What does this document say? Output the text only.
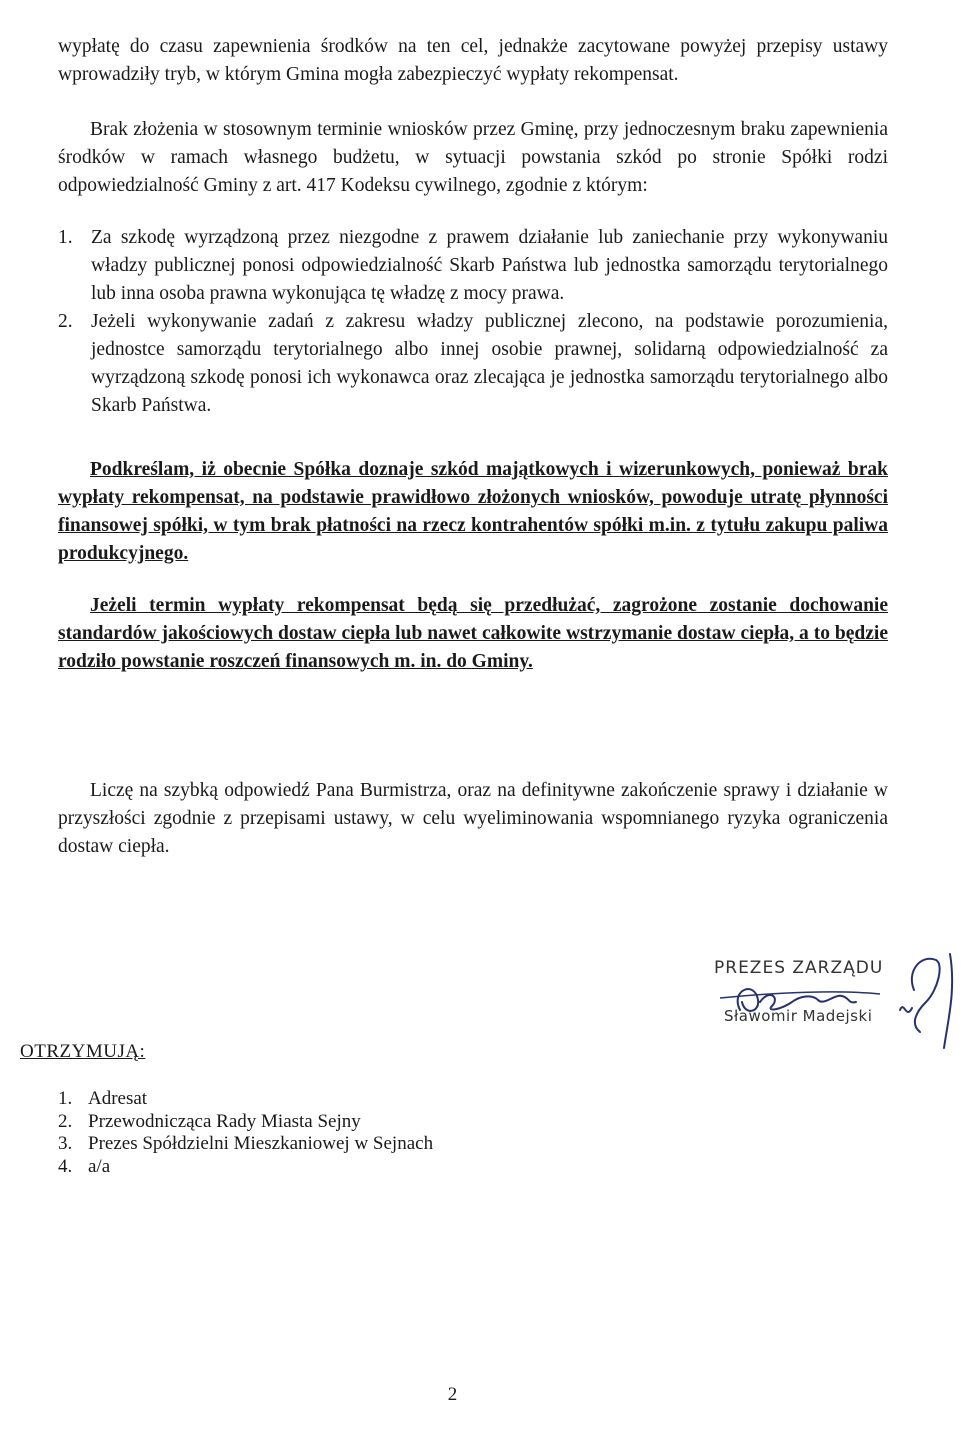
wypłatę do czasu zapewnienia środków na ten cel, jednakże zacytowane powyżej przepisy ustawy wprowadziły tryb, w którym Gmina mogła zabezpieczyć wypłaty rekompensat.
Brak złożenia w stosownym terminie wniosków przez Gminę, przy jednoczesnym braku zapewnienia środków w ramach własnego budżetu, w sytuacji powstania szkód po stronie Spółki rodzi odpowiedzialność Gminy z art. 417 Kodeksu cywilnego, zgodnie z którym:
1. Za szkodę wyrządzoną przez niezgodne z prawem działanie lub zaniechanie przy wykonywaniu władzy publicznej ponosi odpowiedzialność Skarb Państwa lub jednostka samorządu terytorialnego lub inna osoba prawna wykonująca tę władzę z mocy prawa.
2. Jeżeli wykonywanie zadań z zakresu władzy publicznej zlecono, na podstawie porozumienia, jednostce samorządu terytorialnego albo innej osobie prawnej, solidarną odpowiedzialność za wyrządzoną szkodę ponosi ich wykonawca oraz zlecająca je jednostka samorządu terytorialnego albo Skarb Państwa.
Podkreślam, iż obecnie Spółka doznaje szkód majątkowych i wizerunkowych, ponieważ brak wypłaty rekompensat, na podstawie prawidłowo złożonych wniosków, powoduje utratę płynności finansowej spółki, w tym brak płatności na rzecz kontrahentów spółki m.in. z tytułu zakupu paliwa produkcyjnego.
Jeżeli termin wypłaty rekompensat będą się przedłużać, zagrożone zostanie dochowanie standardów jakościowych dostaw ciepła lub nawet całkowite wstrzymanie dostaw ciepła, a to będzie rodziło powstanie roszczeń finansowych m. in. do Gminy.
Liczę na szybką odpowiedź Pana Burmistrza, oraz na definitywne zakończenie sprawy i działanie w przyszłości zgodnie z przepisami ustawy, w celu wyeliminowania wspomnianego ryzyka ograniczenia dostaw ciepła.
PREZES ZARZĄDU
Sławomir Madejski
OTRZYMUJĄ:
1. Adresat
2. Przewodnicząca Rady Miasta Sejny
3. Prezes Spółdzielni Mieszkaniowej w Sejnach
4. a/a
2
